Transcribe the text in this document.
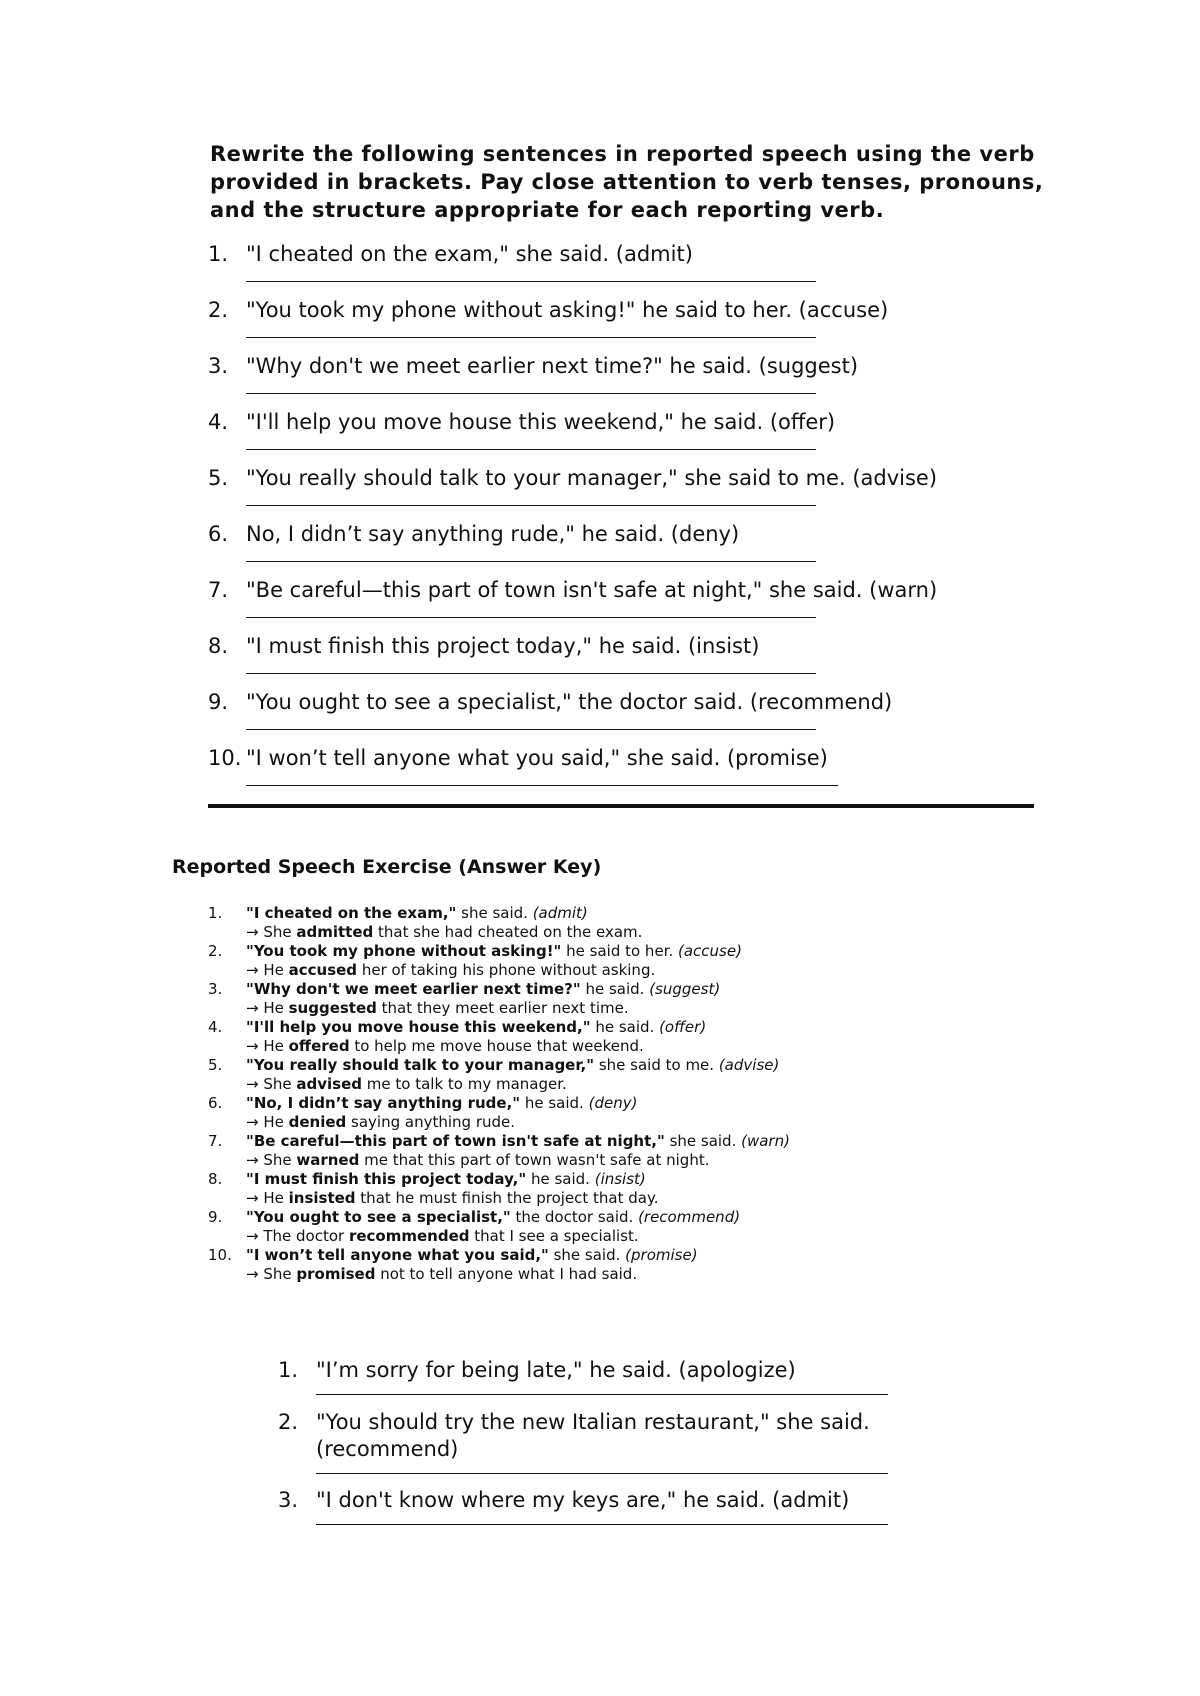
Rewrite the following sentences in reported speech using the verb provided in brackets. Pay close attention to verb tenses, pronouns, and the structure appropriate for each reporting verb.

1. "I cheated on the exam," she said. (admit)
2. "You took my phone without asking!" he said to her. (accuse)
3. "Why don't we meet earlier next time?" he said. (suggest)
4. "I'll help you move house this weekend," he said. (offer)
5. "You really should talk to your manager," she said to me. (advise)
6. No, I didn’t say anything rude," he said. (deny)
7. "Be careful—this part of town isn't safe at night," she said. (warn)
8. "I must finish this project today," he said. (insist)
9. "You ought to see a specialist," the doctor said. (recommend)
10. "I won’t tell anyone what you said," she said. (promise)
Reported Speech Exercise (Answer Key)
1.	"I cheated on the exam," she said. (admit)
→ She admitted that she had cheated on the exam.
2.	"You took my phone without asking!" he said to her. (accuse)
→ He accused her of taking his phone without asking.
3.	"Why don't we meet earlier next time?" he said. (suggest)
→ He suggested that they meet earlier next time.
4.	"I'll help you move house this weekend," he said. (offer)
→ He offered to help me move house that weekend.
5.	"You really should talk to your manager," she said to me. (advise)
→ She advised me to talk to my manager.
6.	"No, I didn’t say anything rude," he said. (deny)
→ He denied saying anything rude.
7.	"Be careful—this part of town isn't safe at night," she said. (warn)
→ She warned me that this part of town wasn't safe at night.
8.	"I must finish this project today," he said. (insist)
→ He insisted that he must finish the project that day.
9.	"You ought to see a specialist," the doctor said. (recommend)
→ The doctor recommended that I see a specialist.
10. "I won’t tell anyone what you said," she said. (promise)
→ She promised not to tell anyone what I had said.
1. "I’m sorry for being late," he said. (apologize)
2. "You should try the new Italian restaurant," she said. (recommend)
3. "I don't know where my keys are," he said. (admit)
